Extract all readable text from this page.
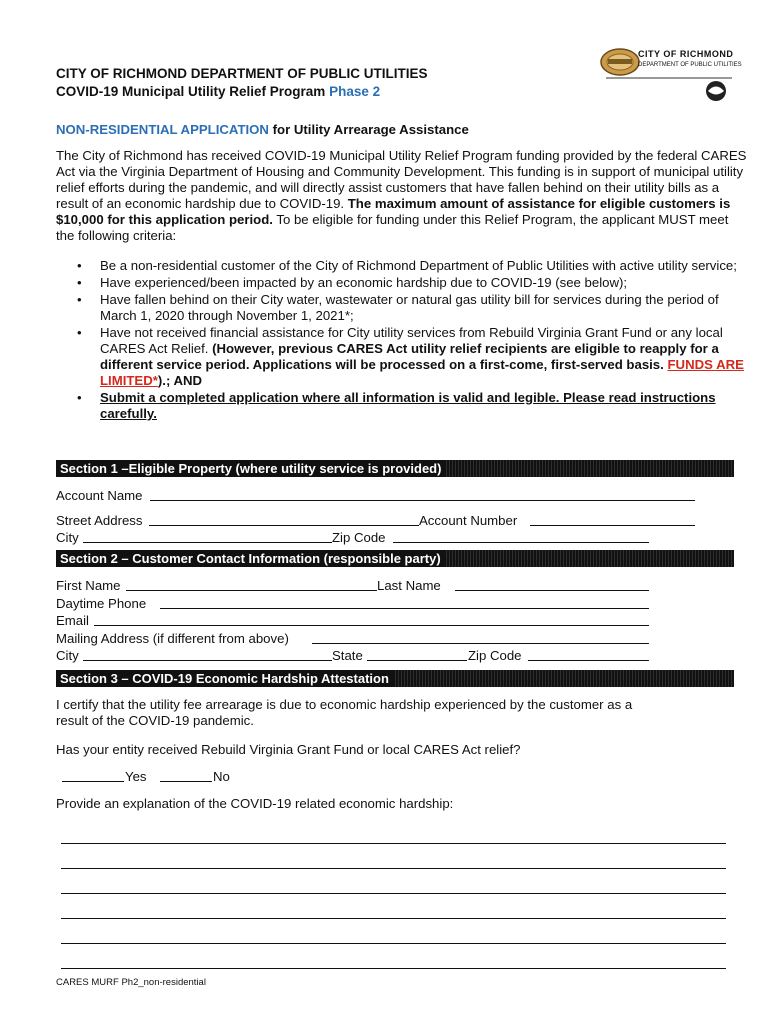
CITY OF RICHMOND DEPARTMENT OF PUBLIC UTILITIES
COVID-19 Municipal Utility Relief Program Phase 2
CITY OF RICHMOND
DEPARTMENT OF PUBLIC UTILITIES
NON-RESIDENTIAL APPLICATION for Utility Arrearage Assistance
The City of Richmond has received COVID-19 Municipal Utility Relief Program funding provided by the federal CARES Act via the Virginia Department of Housing and Community Development. This funding is in support of municipal utility relief efforts during the pandemic, and will directly assist customers that have fallen behind on their utility bills as a result of an economic hardship due to COVID-19. The maximum amount of assistance for eligible customers is $10,000 for this application period. To be eligible for funding under this Relief Program, the applicant MUST meet the following criteria:
• Be a non-residential customer of the City of Richmond Department of Public Utilities with active utility service;
• Have experienced/been impacted by an economic hardship due to COVID-19 (see below);
• Have fallen behind on their City water, wastewater or natural gas utility bill for services during the period of March 1, 2020 through November 1, 2021*;
• Have not received financial assistance for City utility services from Rebuild Virginia Grant Fund or any local CARES Act Relief. (However, previous CARES Act utility relief recipients are eligible to reapply for a different service period. Applications will be processed on a first-come, first-served basis. FUNDS ARE LIMITED*).; AND
• Submit a completed application where all information is valid and legible. Please read instructions carefully.
Section 1 –Eligible Property (where utility service is provided)
Account Name
Street Address	Account Number
City	Zip Code
Section 2 – Customer Contact Information (responsible party)
First Name	Last Name
Daytime Phone
Email
Mailing Address (if different from above)
City	State	Zip Code
Section 3 – COVID-19 Economic Hardship Attestation
I certify that the utility fee arrearage is due to economic hardship experienced by the customer as a result of the COVID-19 pandemic.
Has your entity received Rebuild Virginia Grant Fund or local CARES Act relief?
Yes	No
Provide an explanation of the COVID-19 related economic hardship:
CARES MURF Ph2_non-residential
